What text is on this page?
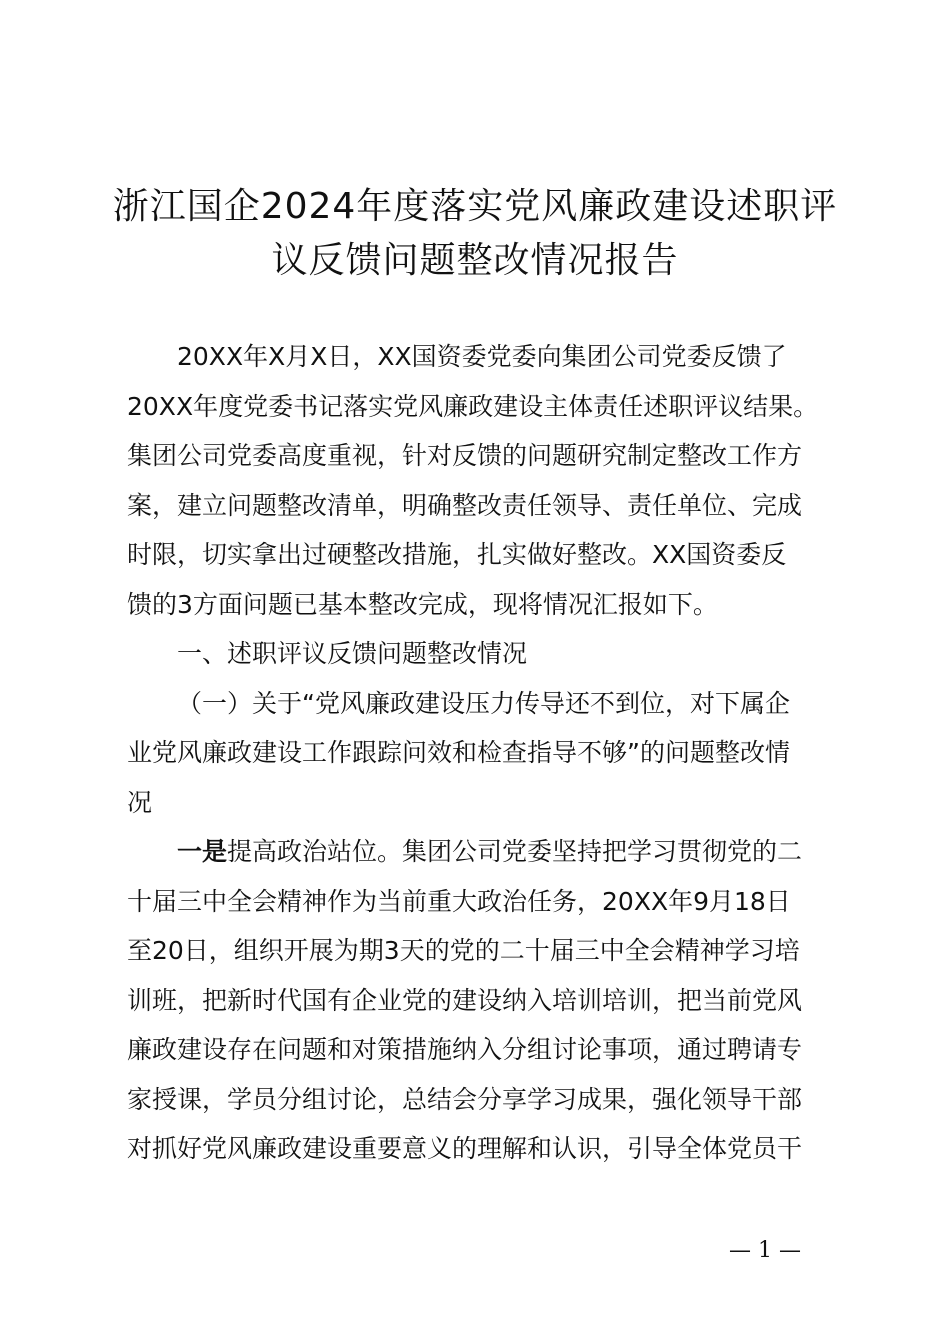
浙江国企2024年度落实党风廉政建设述职评
议反馈问题整改情况报告
20XX年X月X日，XX国资委党委向集团公司党委反馈了
20XX年度党委书记落实党风廉政建设主体责任述职评议结果。
集团公司党委高度重视，针对反馈的问题研究制定整改工作方
案，建立问题整改清单，明确整改责任领导、责任单位、完成
时限，切实拿出过硬整改措施，扎实做好整改。XX国资委反
馈的3方面问题已基本整改完成，现将情况汇报如下。
一、述职评议反馈问题整改情况
（一）关于“党风廉政建设压力传导还不到位，对下属企
业党风廉政建设工作跟踪问效和检查指导不够”的问题整改情
况
一是提高政治站位。集团公司党委坚持把学习贯彻党的二
十届三中全会精神作为当前重大政治任务，20XX年9月18日
至20日，组织开展为期3天的党的二十届三中全会精神学习培
训班，把新时代国有企业党的建设纳入培训培训，把当前党风
廉政建设存在问题和对策措施纳入分组讨论事项，通过聘请专
家授课，学员分组讨论，总结会分享学习成果，强化领导干部
对抓好党风廉政建设重要意义的理解和认识，引导全体党员干
— 1 —
